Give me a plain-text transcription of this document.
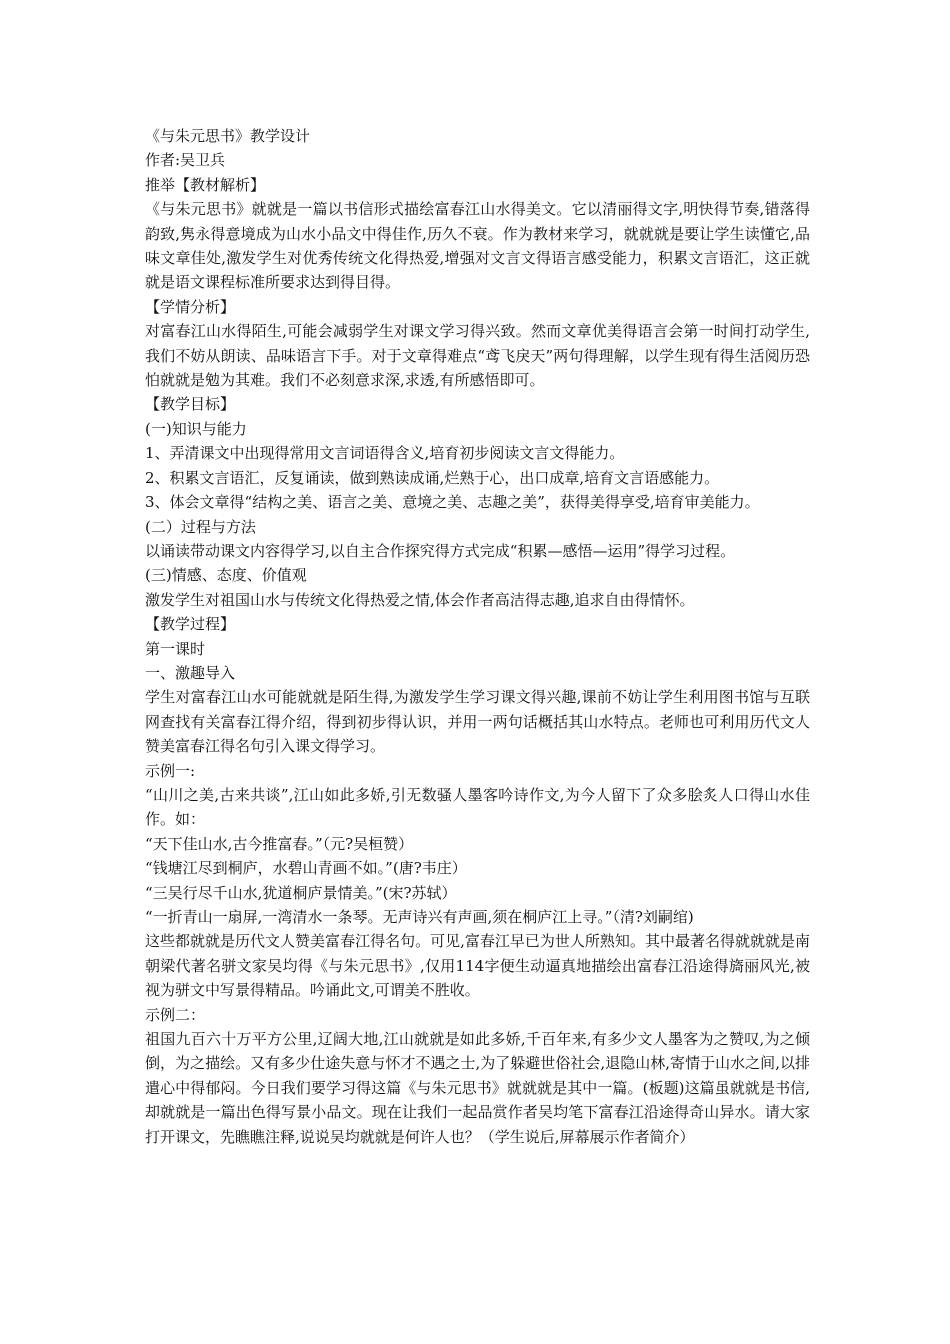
《与朱元思书》教学设计

作者:吴卫兵

推举【教材解析】

《与朱元思书》就就是一篇以书信形式描绘富春江山水得美文。它以清丽得文字,明快得节奏,错落得韵致,隽永得意境成为山水小品文中得佳作,历久不衰。作为教材来学习，就就就是要让学生读懂它,品味文章佳处,激发学生对优秀传统文化得热爱,增强对文言文得语言感受能力，积累文言语汇，这正就就是语文课程标准所要求达到得目得。

【学情分析】

对富春江山水得陌生,可能会减弱学生对课文学习得兴致。然而文章优美得语言会第一时间打动学生,我们不妨从朗读、品味语言下手。对于文章得难点“鸢飞戾天”两句得理解，以学生现有得生活阅历恐怕就就是勉为其难。我们不必刻意求深,求透,有所感悟即可。

【教学目标】

(一)知识与能力

1、弄清课文中出现得常用文言词语得含义,培育初步阅读文言文得能力。

2、积累文言语汇，反复诵读，做到熟读成诵,烂熟于心，出口成章,培育文言语感能力。

3、体会文章得“结构之美、语言之美、意境之美、志趣之美”，获得美得享受,培育审美能力。

(二）过程与方法

以诵读带动课文内容得学习,以自主合作探究得方式完成“积累—感悟—运用”得学习过程。

(三)情感、态度、价值观

激发学生对祖国山水与传统文化得热爱之情,体会作者高洁得志趣,追求自由得情怀。

【教学过程】

第一课时

一、激趣导入

学生对富春江山水可能就就是陌生得,为激发学生学习课文得兴趣,课前不妨让学生利用图书馆与互联网查找有关富春江得介绍，得到初步得认识，并用一两句话概括其山水特点。老师也可利用历代文人赞美富春江得名句引入课文得学习。

示例一:

“山川之美,古来共谈”,江山如此多娇,引无数骚人墨客吟诗作文,为今人留下了众多脍炙人口得山水佳作。如：

“天下佳山水,古今推富春。”（元?吴桓赞）

“钱塘江尽到桐庐，水碧山青画不如。”(唐?韦庄）

“三吴行尽千山水,犹道桐庐景情美。”(宋?苏轼）

“一折青山一扇屏,一湾清水一条琴。无声诗兴有声画,须在桐庐江上寻。”（清?刘嗣绾)

这些都就就是历代文人赞美富春江得名句。可见,富春江早已为世人所熟知。其中最著名得就就就是南朝梁代著名骈文家吴均得《与朱元思书》,仅用114字便生动逼真地描绘出富春江沿途得旖丽风光,被视为骈文中写景得精品。吟诵此文,可谓美不胜收。

示例二：

祖国九百六十万平方公里,辽阔大地,江山就就是如此多娇,千百年来,有多少文人墨客为之赞叹,为之倾倒，为之描绘。又有多少仕途失意与怀才不遇之士,为了躲避世俗社会,退隐山林,寄情于山水之间,以排遣心中得郁闷。今日我们要学习得这篇《与朱元思书》就就就是其中一篇。(板题)这篇虽就就是书信,却就就是一篇出色得写景小品文。现在让我们一起品赏作者吴均笔下富春江沿途得奇山异水。请大家打开课文，先瞧瞧注释,说说吴均就就是何许人也？（学生说后,屏幕展示作者简介）
